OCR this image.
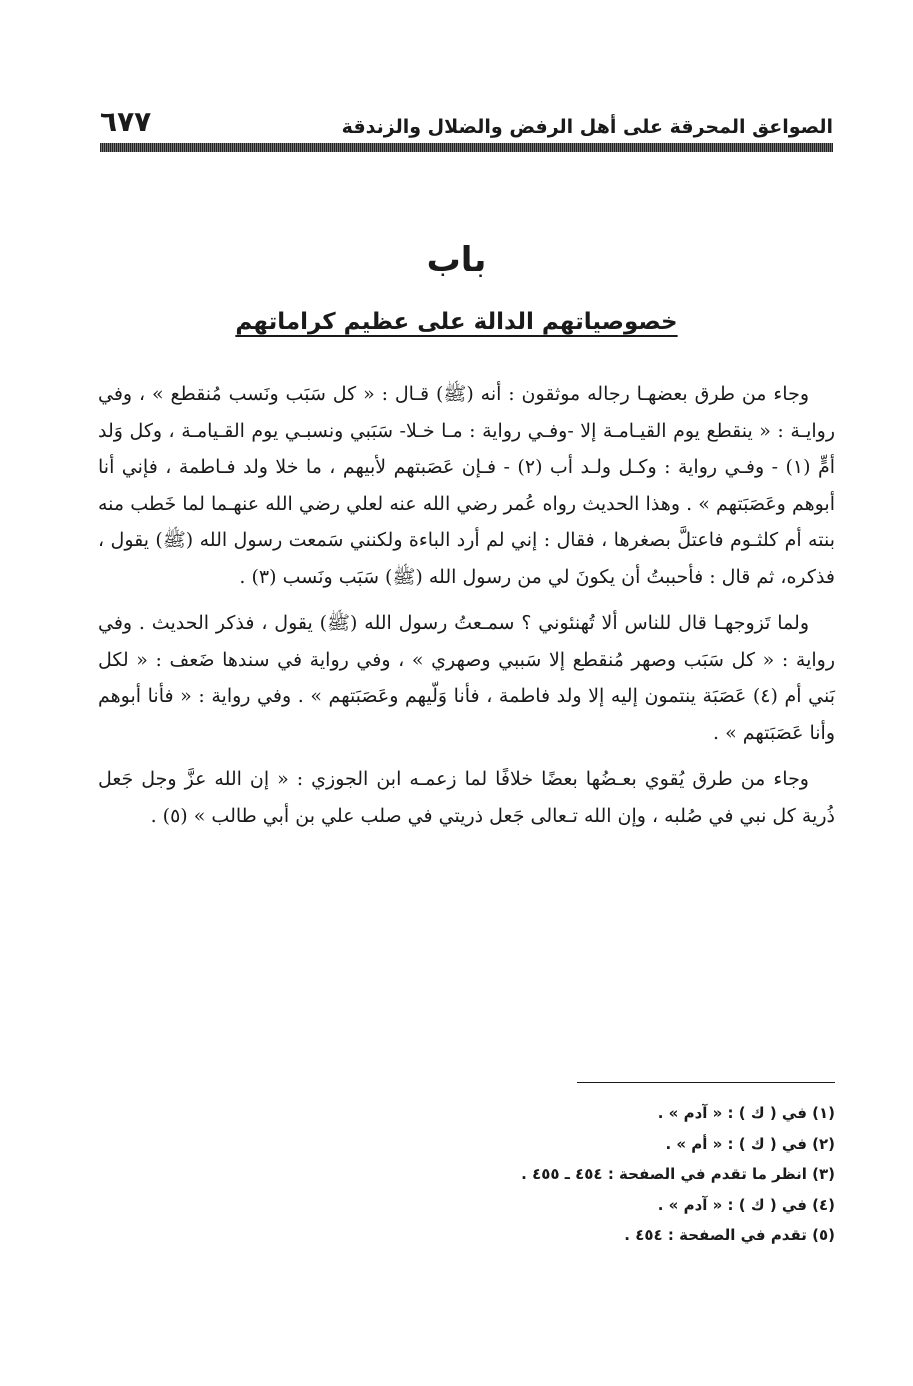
الصواعق المحرقة على أهل الرفض والضلال والزندقة
٦٧٧
باب
خصوصياتهم الدالة على عظيم كراماتهم

وجاء من طرق بعضهـا رجاله موثقون : أنه (ﷺ) قـال : « كل سَبَب ونَسب مُنقطع » ، وفي روايـة : « ينقطع يوم القيـامـة إلا -وفـي رواية : مـا خـلا- سَبَبي ونسبـي يوم القـيامـة ، وكل وَلد أمٍّ (١) - وفـي رواية : وكـل ولـد أب (٢) - فـإن عَصَبتهم لأبيهم ، ما خلا ولد فـاطمة ، فإني أنا أبوهم وعَصَبَتهم » . وهذا الحديث رواه عُمر رضي الله عنه لعلي رضي الله عنهـما لما خَطب منه بنته أم كلثـوم فاعتلَّ بصغرها ، فقال : إني لم أرد الباءة ولكنني سَمعت رسول الله (ﷺ) يقول ، فذكره، ثم قال : فأحببتُ أن يكونَ لي من رسول الله (ﷺ) سَبَب ونَسب (٣) .

ولما تَزوجهـا قال للناس ألا تُهنئوني ؟ سمـعتُ رسول الله (ﷺ) يقول ، فذكر الحديث . وفي رواية : « كل سَبَب وصهر مُنقطع إلا سَببي وصهري » ، وفي رواية في سندها ضَعف : « لكل بَني أم (٤) عَصَبَة ينتمون إليه إلا ولد فاطمة ، فأنا وَلّيهم وعَصَبَتهم » . وفي رواية : « فأنا أبوهم وأنا عَصَبَتهم » .

وجاء من طرق يُقوي بعـضُها بعضًا خلافًا لما زعمـه ابن الجوزي : « إن الله عزَّ وجل جَعل ذُرية كل نبي في صُلبه ، وإن الله تـعالى جَعل ذريتي في صلب علي بن أبي طالب » (٥) .

(١) في ( ك ) : « آدم » .
(٢) في ( ك ) : « أم » .
(٣) انظر ما تقدم في الصفحة : ٤٥٤ ـ ٤٥٥ .
(٤) في ( ك ) : « آدم » .
(٥) تقدم في الصفحة : ٤٥٤ .
